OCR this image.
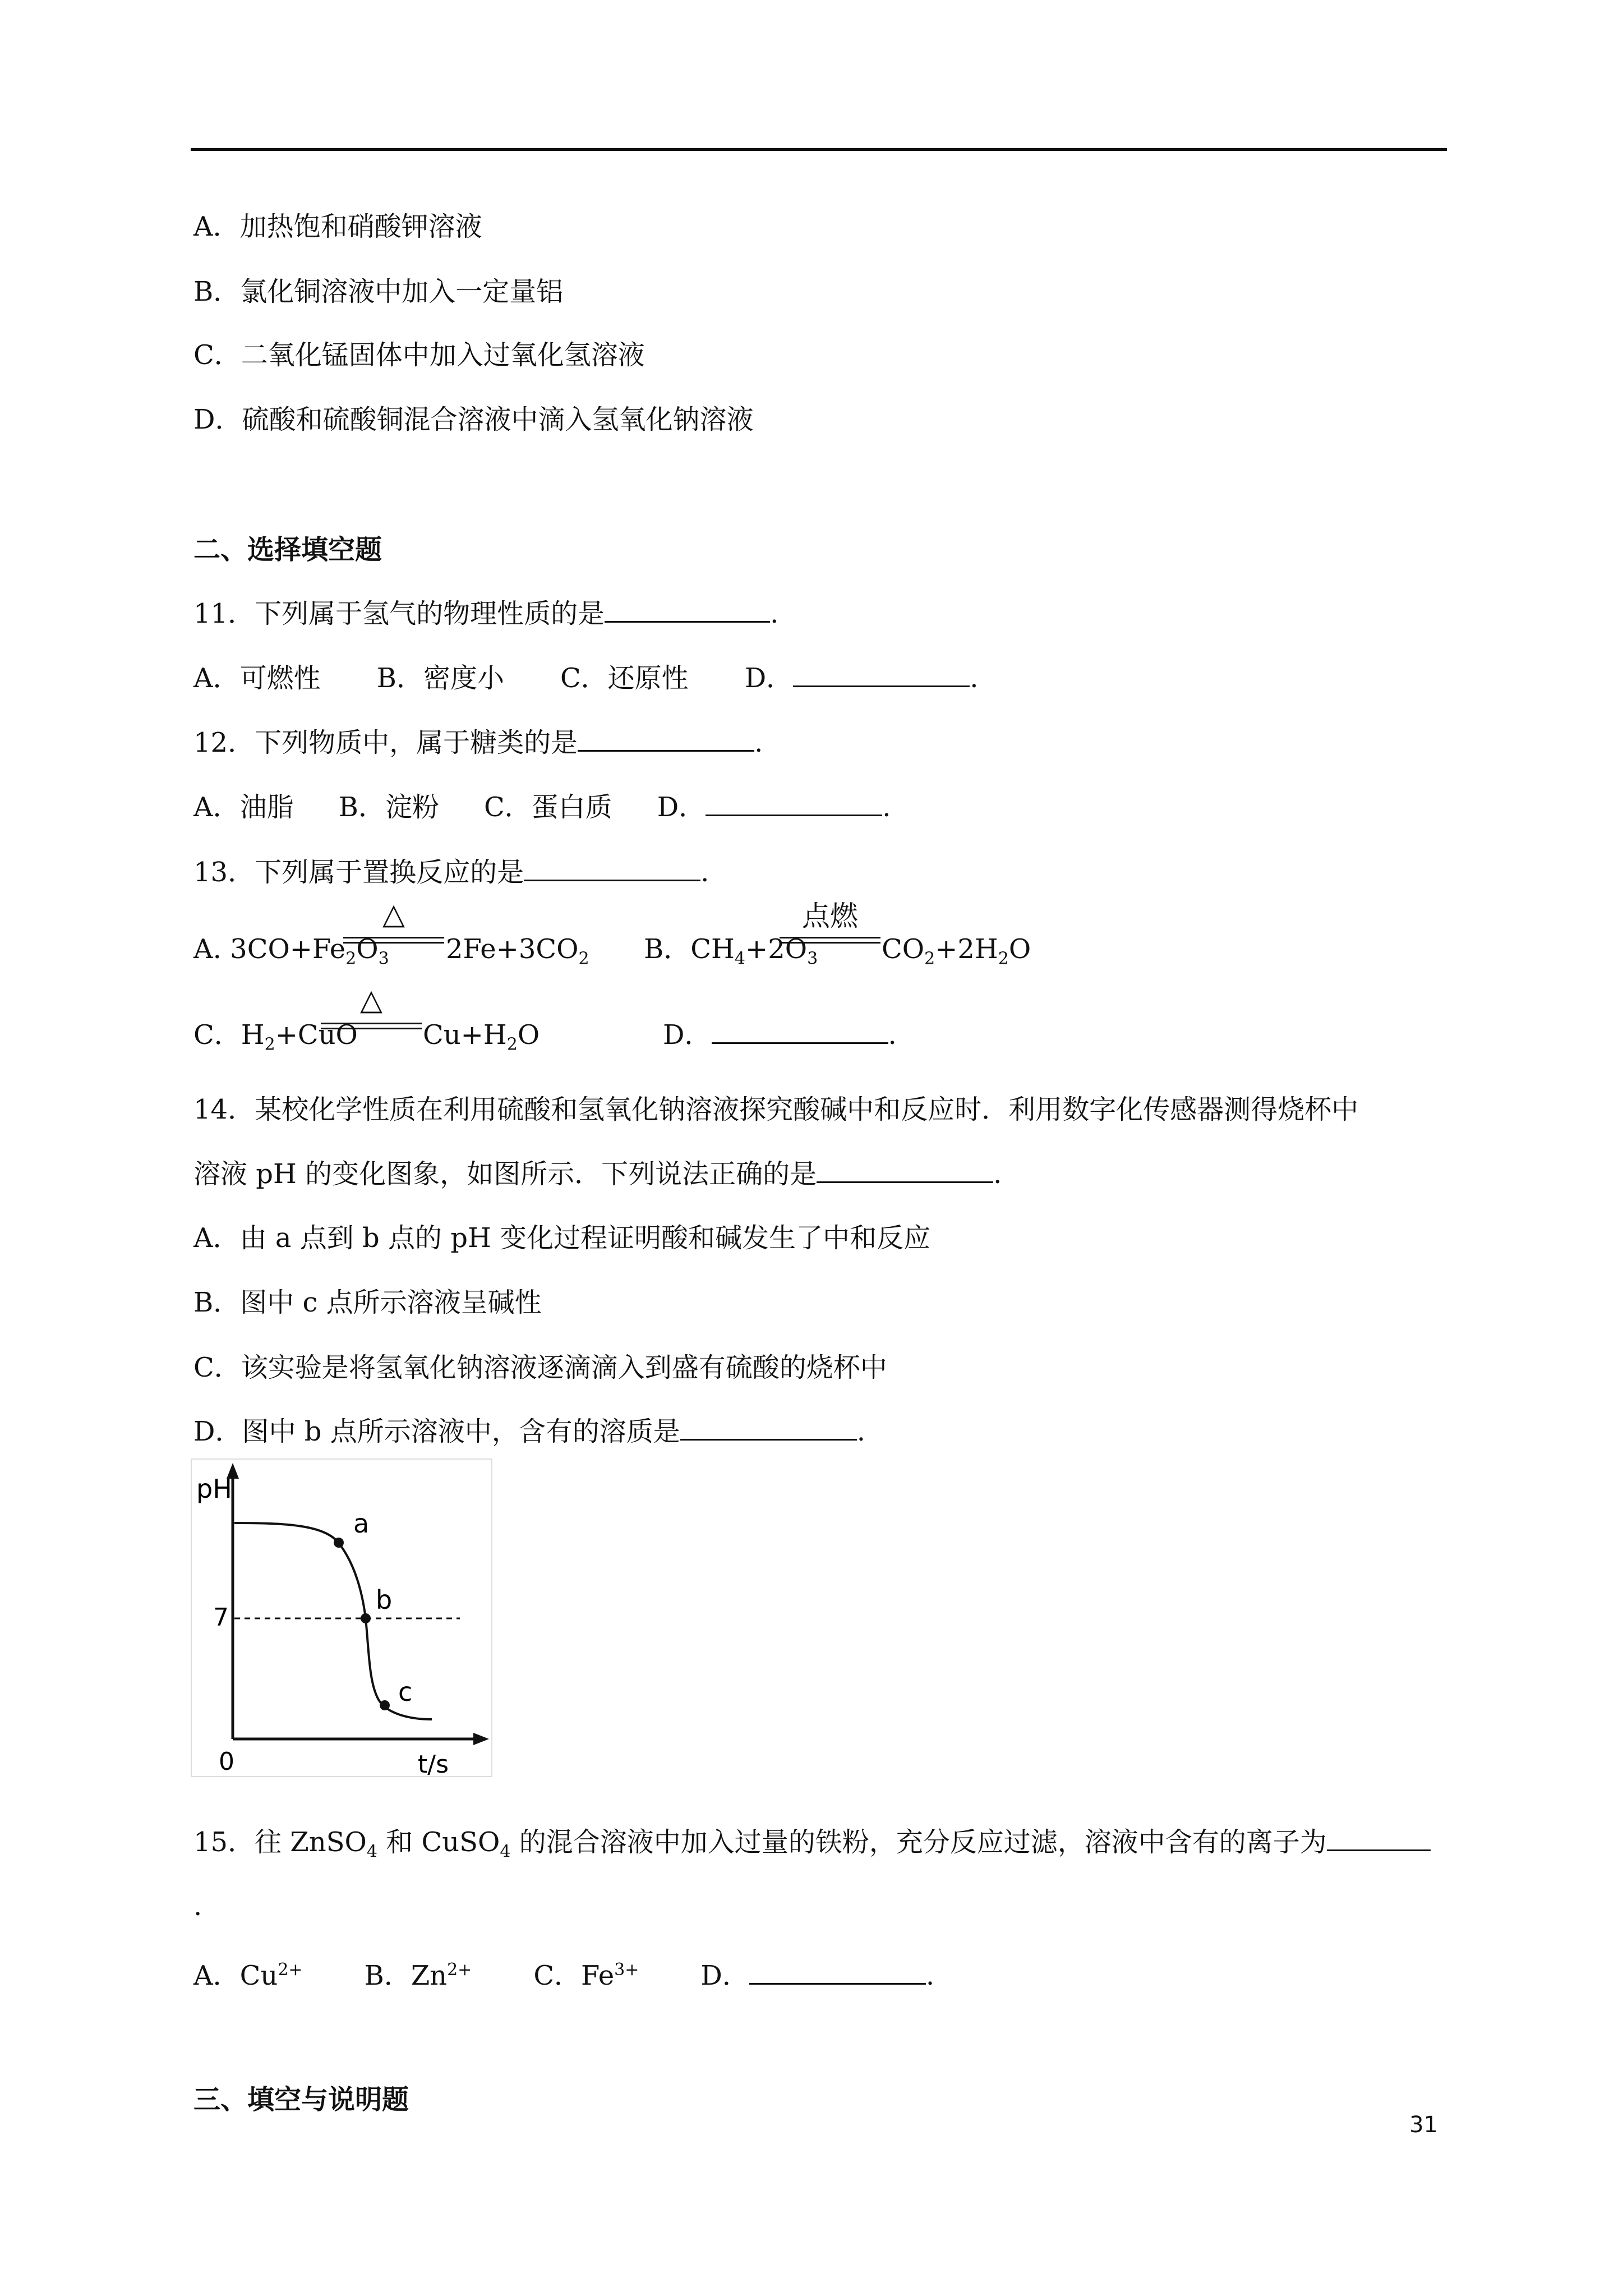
A．加热饱和硝酸钾溶液
B．氯化铜溶液中加入一定量铝
C．二氧化锰固体中加入过氧化氢溶液
D．硫酸和硫酸铜混合溶液中滴入氢氧化钠溶液
二、选择填空题
11．下列属于氢气的物理性质的是	.
A．可燃性 B．密度小 C．还原性 D．	.
12．下列物质中，属于糖类的是	.
A．油脂 B．淀粉 C．蛋白质 D．	.
13．下列属于置换反应的是	.
A. $3CO+Fe_2O_3$
△
$2Fe+3CO_2$ B．$CH_4+2O_3$
点燃
$CO_2+2H_2O$
C．$H_2+CuO$
△
$Cu+H_2O$	D．	.
14．某校化学性质在利用硫酸和氢氧化钠溶液探究酸碱中和反应时．利用数字化传感器测得烧杯中
溶液 pH 的变化图象，如图所示．下列说法正确的是	.
A．由 a 点到 b 点的 pH 变化过程证明酸和碱发生了中和反应
B．图中 c 点所示溶液呈碱性
C．该实验是将氢氧化钠溶液逐滴滴入到盛有硫酸的烧杯中
D．图中 b 点所示溶液中，含有的溶质是	.
pH
7
0	t/s
a
b
c
15．往 ZnSO$_4$ 和 CuSO$_4$ 的混合溶液中加入过量的铁粉，充分反应过滤，溶液中含有的离子为
.
A．$Cu^{2+}$ B．$Zn^{2+}$ C．$Fe^{3+}$ D．	.
三、填空与说明题
31
